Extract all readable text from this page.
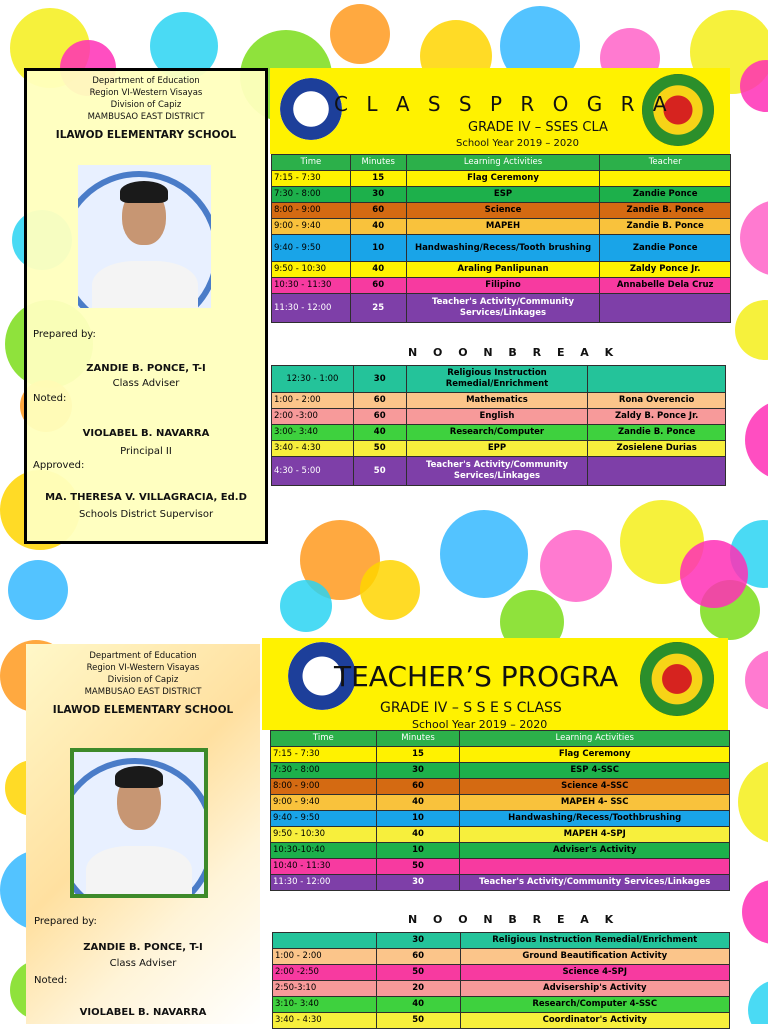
Department of Education
Region VI-Western Visayas
Division of Capiz
MAMBUSAO EAST DISTRICT
ILAWOD ELEMENTARY SCHOOL
Prepared by:
ZANDIE B. PONCE, T-I
Class Adviser
Noted:
VIOLABEL B. NAVARRA
Principal II
Approved:
MA. THERESA V. VILLAGRACIA, Ed.D
Schools District Supervisor
C L A S S P R O G R A
GRADE IV – SSES CLA
School Year 2019 – 2020
Time	Minutes	Learning Activities	Teacher
7:15 - 7:30	15	Flag Ceremony	
7:30 - 8:00	30	ESP	Zandie Ponce
8:00 - 9:00	60	Science	Zandie B. Ponce
9:00 - 9:40	40	MAPEH	Zandie B. Ponce
9:40 - 9:50	10	Handwashing/Recess/Tooth brushing	Zandie Ponce
9:50 - 10:30	40	Araling Panlipunan	Zaldy Ponce Jr.
10:30 - 11:30	60	Filipino	Annabelle Dela Cruz
11:30 - 12:00	25	Teacher's Activity/Community Services/Linkages	
N O O N B R E A K
12:30 - 1:00	30	Religious Instruction Remedial/Enrichment	
1:00 - 2:00	60	Mathematics	Rona Overencio
2:00 -3:00	60	English	Zaldy B. Ponce Jr.
3:00- 3:40	40	Research/Computer	Zandie B. Ponce
3:40 - 4:30	50	EPP	Zosielene Durias
4:30 - 5:00	50	Teacher's Activity/Community Services/Linkages	
Department of Education
Region VI-Western Visayas
Division of Capiz
MAMBUSAO EAST DISTRICT
ILAWOD ELEMENTARY SCHOOL
Prepared by:
ZANDIE B. PONCE, T-I
Class Adviser
Noted:
VIOLABEL B. NAVARRA
TEACHER’S PROGRA
GRADE IV – S S E S CLASS
School Year 2019 – 2020
Time	Minutes	Learning Activities
7:15 - 7:30	15	Flag Ceremony
7:30 - 8:00	30	ESP 4-SSC
8:00 - 9:00	60	Science 4-SSC
9:00 - 9:40	40	MAPEH 4- SSC
9:40 - 9:50	10	Handwashing/Recess/Toothbrushing
9:50 - 10:30	40	MAPEH 4-SPJ
10:30-10:40	10	Adviser's Activity
10:40 - 11:30	50	
11:30 - 12:00	30	Teacher's Activity/Community Services/Linkages
N O O N B R E A K
	30	Religious Instruction Remedial/Enrichment
1:00 - 2:00	60	Ground Beautification Activity
2:00 -2:50	50	Science 4-SPJ
2:50-3:10	20	Advisership's Activity
3:10- 3:40	40	Research/Computer 4-SSC
3:40 - 4:30	50	Coordinator's Activity
